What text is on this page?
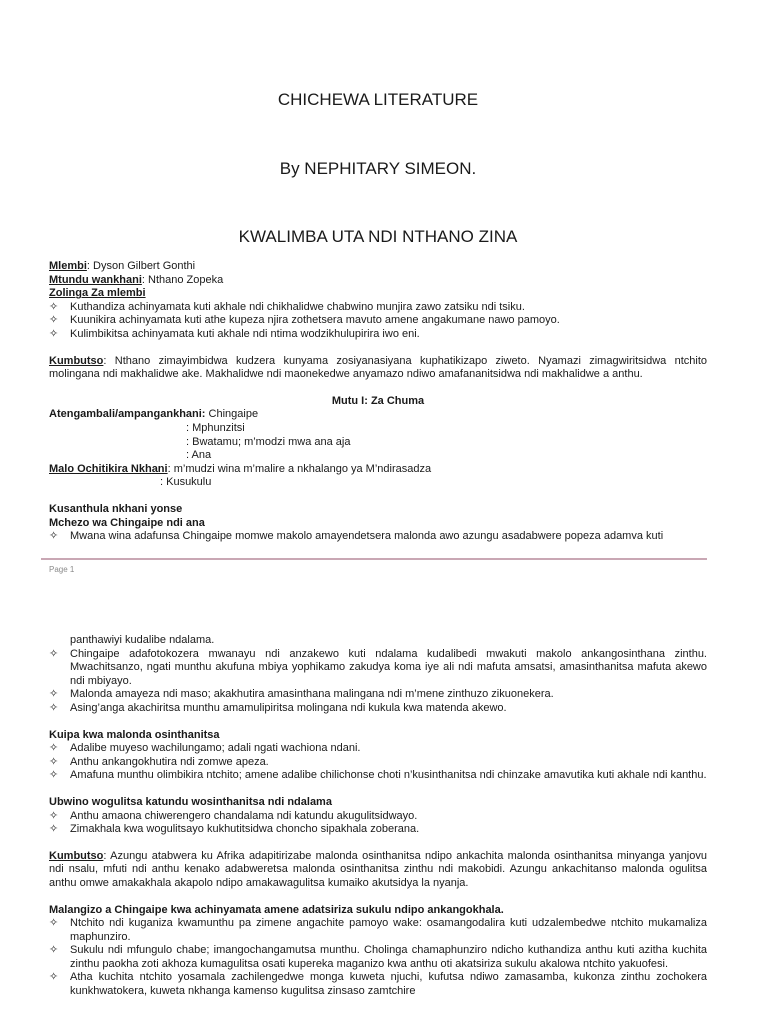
CHICHEWA LITERATURE
By NEPHITARY SIMEON.
KWALIMBA UTA NDI NTHANO ZINA

Mlembi: Dyson Gilbert Gonthi

Mtundu wankhani: Nthano Zopeka

Zolinga Za mlembi

✧	Kuthandiza achinyamata kuti akhale ndi chikhalidwe chabwino munjira zawo zatsiku ndi tsiku.
✧	Kuunikira achinyamata kuti athe kupeza njira zothetsera mavuto amene angakumane nawo pamoyo.
✧	Kulimbikitsa achinyamata kuti akhale ndi ntima wodzikhulupirira iwo eni.

Kumbutso: Nthano zimayimbidwa kudzera kunyama zosiyanasiyana kuphatikizapo ziweto. Nyamazi zimagwiritsidwa ntchito molingana ndi makhalidwe ake. Makhalidwe ndi maonekedwe anyamazo ndiwo amafananitsidwa ndi makhalidwe a anthu.

Mutu I: Za Chuma

Atengambali/ampangankhani: Chingaipe

: Mphunzitsi

: Bwatamu; m’modzi mwa ana aja

: Ana

Malo Ochitikira Nkhani: m’mudzi wina m’malire a nkhalango ya M’ndirasadza

: Kusukulu

Kusanthula nkhani yonse

Mchezo wa Chingaipe ndi ana

✧	Mwana wina adafunsa Chingaipe momwe makolo amayendetsera malonda awo azungu asadabwere popeza adamva kuti
Page 1

panthawiyi kudalibe ndalama.

✧	Chingaipe adafotokozera mwanayu ndi anzakewo kuti ndalama kudalibedi mwakuti makolo ankangosinthana zinthu. Mwachitsanzo, ngati munthu akufuna mbiya yophikamo zakudya koma iye ali ndi mafuta amsatsi, amasinthanitsa mafuta akewo ndi mbiyayo.
✧	Malonda amayeza ndi maso; akakhutira amasinthana malingana ndi m’mene zinthuzo zikuonekera.
✧	Asing’anga akachiritsa munthu amamulipiritsa molingana ndi kukula kwa matenda akewo.

Kuipa kwa malonda osinthanitsa

✧	Adalibe muyeso wachilungamo; adali ngati wachiona ndani.
✧	Anthu ankangokhutira ndi zomwe apeza.
✧	Amafuna munthu olimbikira ntchito; amene adalibe chilichonse choti n’kusinthanitsa ndi chinzake amavutika kuti akhale ndi kanthu.

Ubwino wogulitsa katundu wosinthanitsa ndi ndalama

✧	Anthu amaona chiwerengero chandalama ndi katundu akugulitsidwayo.
✧	Zimakhala kwa wogulitsayo kukhutitsidwa choncho sipakhala zoberana.

Kumbutso: Azungu atabwera ku Afrika adapitirizabe malonda osinthanitsa ndipo ankachita malonda osinthanitsa minyanga yanjovu ndi nsalu, mfuti ndi anthu kenako adabweretsa malonda osinthanitsa zinthu ndi makobidi. Azungu ankachitanso malonda ogulitsa anthu omwe amakakhala akapolo ndipo amakawagulitsa kumaiko akutsidya la nyanja.

Malangizo a Chingaipe kwa achinyamata amene adatsiriza sukulu ndipo ankangokhala.

✧	Ntchito ndi kuganiza kwamunthu pa zimene angachite pamoyo wake: osamangodalira kuti udzalembedwe ntchito mukamaliza maphunziro.
✧	Sukulu ndi mfungulo chabe; imangochangamutsa munthu. Cholinga chamaphunziro ndicho kuthandiza anthu kuti azitha kuchita zinthu paokha zoti akhoza kumagulitsa osati kupereka maganizo kwa anthu oti akatsiriza sukulu akalowa ntchito yakuofesi.
✧	Atha kuchita ntchito yosamala zachilengedwe monga kuweta njuchi, kufutsa ndiwo zamasamba, kukonza zinthu zochokera kunkhwatokera, kuweta nkhanga kamenso kugulitsa zinsaso zamtchire
